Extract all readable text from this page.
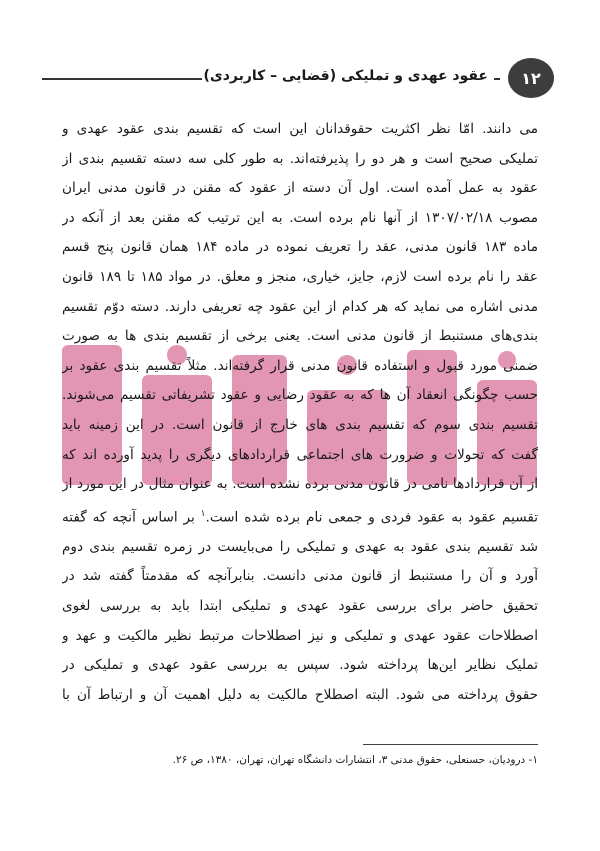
عقود عهدی و تملیکی (قضایی – کاربردی)	۱۲
می دانند. امّا نظر اکثریت حقوقدانان این است که تقسیم بندی عقود عهدی و
تملیکی صحیح است و هر دو را پذیرفته‌اند. به طور کلی سه دسته تقسیم بندی از
عقود به عمل آمده است. اول آن دسته از عقود که مقنن در قانون مدنی ایران
مصوب ۱۳۰۷/۰۲/۱۸ از آنها نام برده است. به این ترتیب که مقنن بعد از آنکه در
ماده ۱۸۳ قانون مدنی، عقد را تعریف نموده در ماده ۱۸۴ همان قانون پنج قسم
عقد را نام برده است لازم، جایز، خیاری، منجز و معلق. در مواد ۱۸۵ تا ۱۸۹ قانون
مدنی اشاره می نماید که هر کدام از این عقود چه تعریفی دارند. دسته دوّم تقسیم
بندی‌های مستنبط از قانون مدنی است. یعنی برخی از تقسیم بندی ها به صورت
ضمنی مورد قبول و استفاده قانون مدنی قرار گرفته‌اند. مثلاً تقسیم بندی عقود بر
حسب چگونگی انعقاد آن ها که به عقود رضایی و عقود تشریفاتی تقسیم می‌شوند.
تقسیم بندی سوم که تقسیم بندی های خارج از قانون است. در این زمینه باید
گفت که تحولات و ضرورت های اجتماعی قراردادهای دیگری را پدید آورده اند که
از آن قراردادها نامی در قانون مدنی برده نشده است. به عنوان مثال در این مورد از
تقسیم عقود به عقود فردی و جمعی نام برده شده است.$^۱$ بر اساس آنچه که گفته
شد تقسیم بندی عقود به عهدی و تملیکی را می‌بایست در زمره تقسیم بندی دوم
آورد و آن را مستنبط از قانون مدنی دانست. بنابرآنچه که مقدمتاً گفته شد در
تحقیق حاضر برای بررسی عقود عهدی و تملیکی ابتدا باید به بررسی لغوی
اصطلاحات عقود عهدی و تملیکی و نیز اصطلاحات مرتبط نظیر مالکیت و عهد و
تملیک نظایر این‌ها پرداخته شود. سپس به بررسی عقود عهدی و تملیکی در
حقوق پرداخته می شود. البته اصطلاح مالکیت به دلیل اهمیت آن و ارتباط آن با
۱- درودیان، حسنعلی، حقوق مدنی ۳، انتشارات دانشگاه تهران، تهران، ۱۳۸۰، ص ۲۶.
